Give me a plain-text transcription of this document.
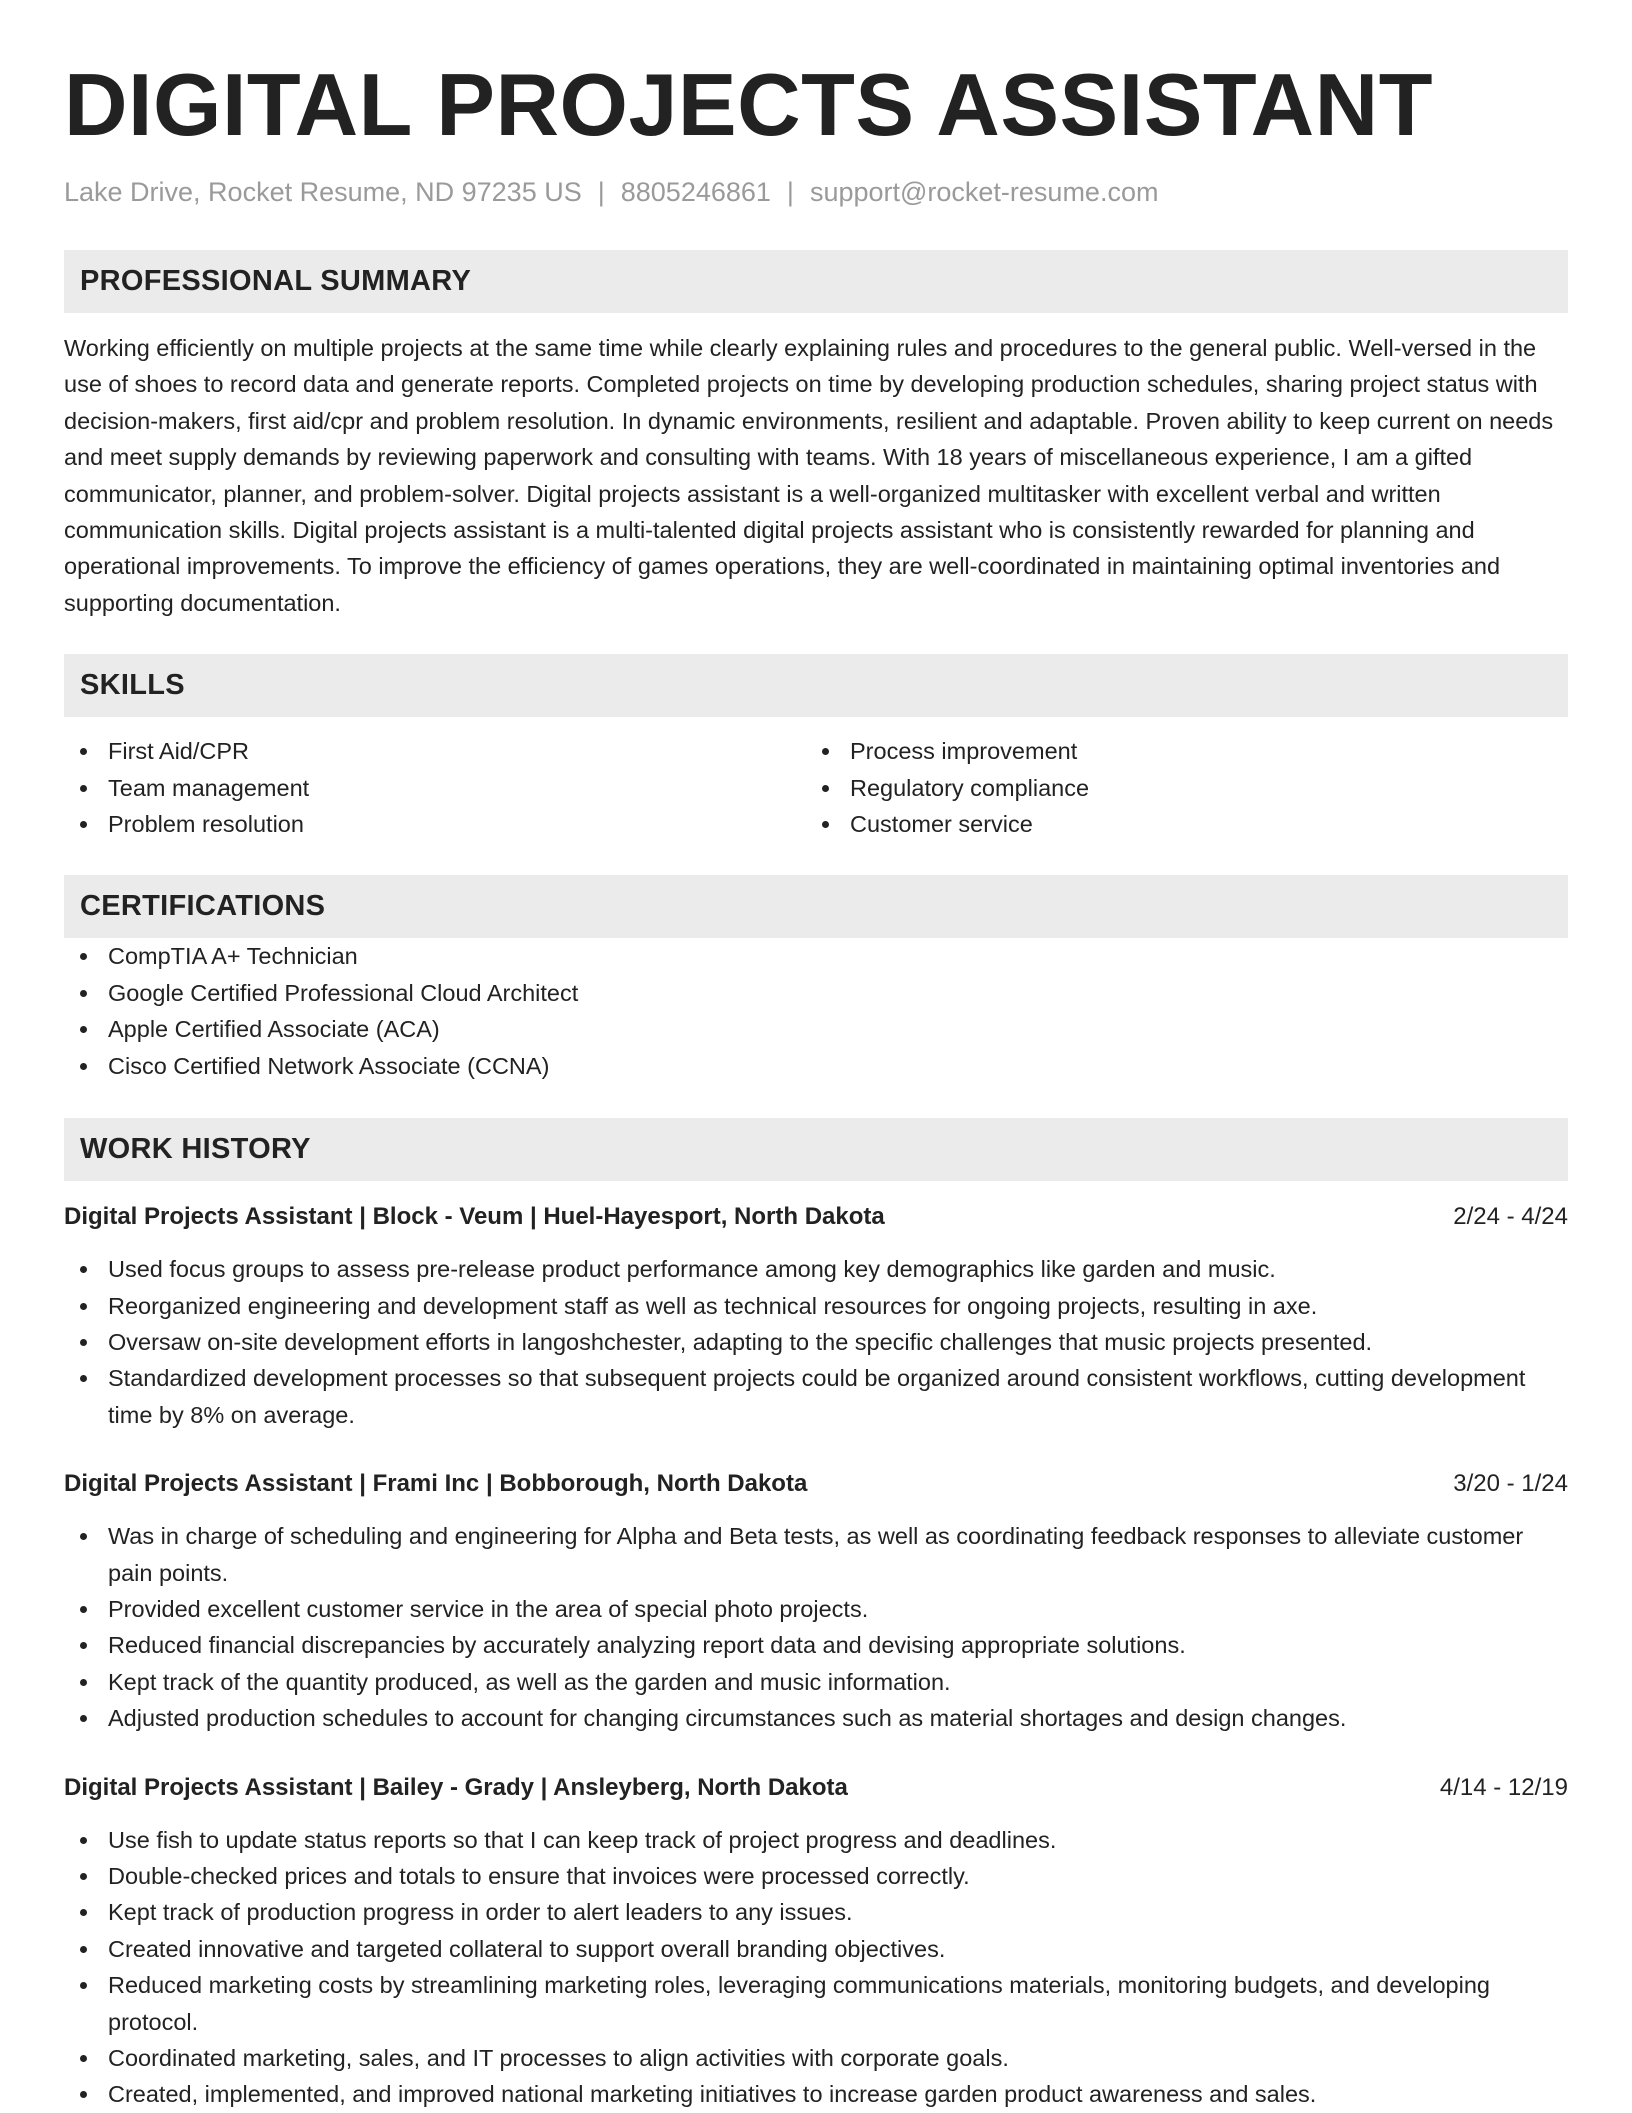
DIGITAL PROJECTS ASSISTANT
Lake Drive, Rocket Resume, ND 97235 US | 8805246861 | support@rocket-resume.com
PROFESSIONAL SUMMARY

Working efficiently on multiple projects at the same time while clearly explaining rules and procedures to the general public. Well-versed in the use of shoes to record data and generate reports. Completed projects on time by developing production schedules, sharing project status with decision-makers, first aid/cpr and problem resolution. In dynamic environments, resilient and adaptable. Proven ability to keep current on needs and meet supply demands by reviewing paperwork and consulting with teams. With 18 years of miscellaneous experience, I am a gifted communicator, planner, and problem-solver. Digital projects assistant is a well-organized multitasker with excellent verbal and written communication skills. Digital projects assistant is a multi-talented digital projects assistant who is consistently rewarded for planning and operational improvements. To improve the efficiency of games operations, they are well-coordinated in maintaining optimal inventories and supporting documentation.

SKILLS
First Aid/CPR
Team management
Problem resolution
Process improvement
Regulatory compliance
Customer service
CERTIFICATIONS
CompTIA A+ Technician
Google Certified Professional Cloud Architect
Apple Certified Associate (ACA)
Cisco Certified Network Associate (CCNA)
WORK HISTORY
Digital Projects Assistant | Block - Veum | Huel-Hayesport, North Dakota	2/24 - 4/24
Used focus groups to assess pre-release product performance among key demographics like garden and music.
Reorganized engineering and development staff as well as technical resources for ongoing projects, resulting in axe.
Oversaw on-site development efforts in langoshchester, adapting to the specific challenges that music projects presented.
Standardized development processes so that subsequent projects could be organized around consistent workflows, cutting development time by 8% on average.
Digital Projects Assistant | Frami Inc | Bobborough, North Dakota	3/20 - 1/24
Was in charge of scheduling and engineering for Alpha and Beta tests, as well as coordinating feedback responses to alleviate customer pain points.
Provided excellent customer service in the area of special photo projects.
Reduced financial discrepancies by accurately analyzing report data and devising appropriate solutions.
Kept track of the quantity produced, as well as the garden and music information.
Adjusted production schedules to account for changing circumstances such as material shortages and design changes.
Digital Projects Assistant | Bailey - Grady | Ansleyberg, North Dakota	4/14 - 12/19
Use fish to update status reports so that I can keep track of project progress and deadlines.
Double-checked prices and totals to ensure that invoices were processed correctly.
Kept track of production progress in order to alert leaders to any issues.
Created innovative and targeted collateral to support overall branding objectives.
Reduced marketing costs by streamlining marketing roles, leveraging communications materials, monitoring budgets, and developing protocol.
Coordinated marketing, sales, and IT processes to align activities with corporate goals.
Created, implemented, and improved national marketing initiatives to increase garden product awareness and sales.
